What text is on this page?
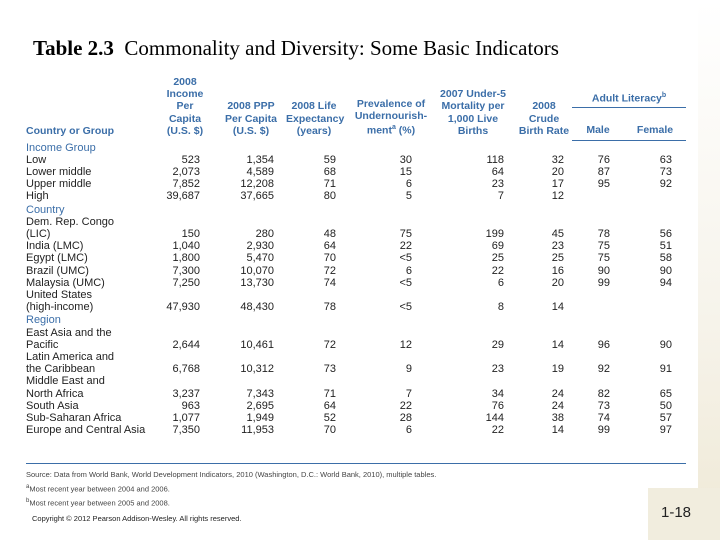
Table 2.3 Commonality and Diversity: Some Basic Indicators
Country or Group	2008 Income Per Capita (U.S. $)	2008 PPP Per Capita (U.S. $)	2008 Life Expectancy (years)	Prevalence of Undernourish-ment$^a$ (%)	2007 Under-5 Mortality per 1,000 Live Births	2008 Crude Birth Rate	Adult Literacy$^b$
							Male	Female
Income Group								
Low	523	1,354	59	30	118	32	76	63
Lower middle	2,073	4,589	68	15	64	20	87	73
Upper middle	7,852	12,208	71	6	23	17	95	92
High	39,687	37,665	80	5	7	12		
Country								
Dem. Rep. Congo								
(LIC)	150	280	48	75	199	45	78	56
India (LMC)	1,040	2,930	64	22	69	23	75	51
Egypt (LMC)	1,800	5,470	70	<5	25	25	75	58
Brazil (UMC)	7,300	10,070	72	6	22	16	90	90
Malaysia (UMC)	7,250	13,730	74	<5	6	20	99	94
United States								
(high-income)	47,930	48,430	78	<5	8	14		
Region								
East Asia and the								
Pacific	2,644	10,461	72	12	29	14	96	90
Latin America and								
the Caribbean	6,768	10,312	73	9	23	19	92	91
Middle East and								
North Africa	3,237	7,343	71	7	34	24	82	65
South Asia	963	2,695	64	22	76	24	73	50
Sub-Saharan Africa	1,077	1,949	52	28	144	38	74	57
Europe and Central Asia	7,350	11,953	70	6	22	14	99	97
Source: Data from World Bank, World Development Indicators, 2010 (Washington, D.C.: World Bank, 2010), multiple tables.
$^a$Most recent year between 2004 and 2006.
$^b$Most recent year between 2005 and 2008.
Copyright © 2012 Pearson Addison-Wesley. All rights reserved.	1-18
